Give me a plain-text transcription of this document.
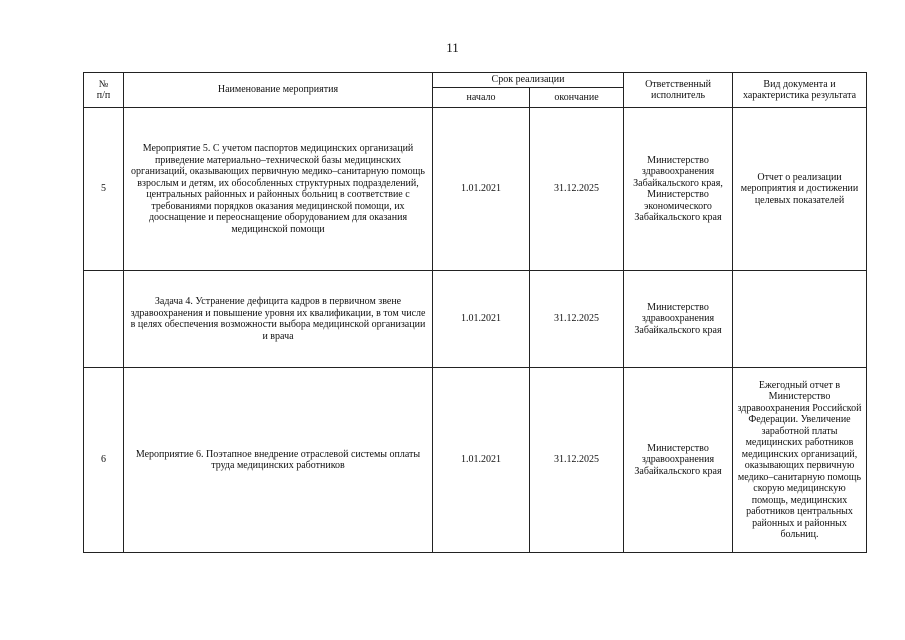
11
№
п/п	Наименование мероприятия	Срок реализации		Ответственный исполнитель	Вид документа и характеристика результата
		начало	окончание		
5	Мероприятие 5. С учетом паспортов медицинских организаций приведение материально–технической базы медицинских организаций, оказывающих первичную медико–санитарную помощь взрослым и детям, их обособленных структурных подразделений, центральных районных и районных больниц в соответствие с требованиями порядков оказания медицинской помощи, их дооснащение и переоснащение оборудованием для оказания медицинской помощи	1.01.2021	31.12.2025	Министерство здравоохранения Забайкальского края, Министерство экономического Забайкальского края	Отчет о реализации мероприятия и достижении целевых показателей
	Задача 4. Устранение дефицита кадров в первичном звене здравоохранения и повышение уровня их квалификации, в том числе в целях обеспечения возможности выбора медицинской организации и врача	1.01.2021	31.12.2025	Министерство здравоохранения Забайкальского края	
6	Мероприятие 6. Поэтапное внедрение отраслевой системы оплаты труда медицинских работников	1.01.2021	31.12.2025	Министерство здравоохранения Забайкальского края	Ежегодный отчет в Министерство здравоохранения Российской Федерации. Увеличение заработной платы медицинских работников медицинских организаций, оказывающих первичную медико–санитарную помощь скорую медицинскую помощь, медицинских работников центральных районных и районных больниц.
